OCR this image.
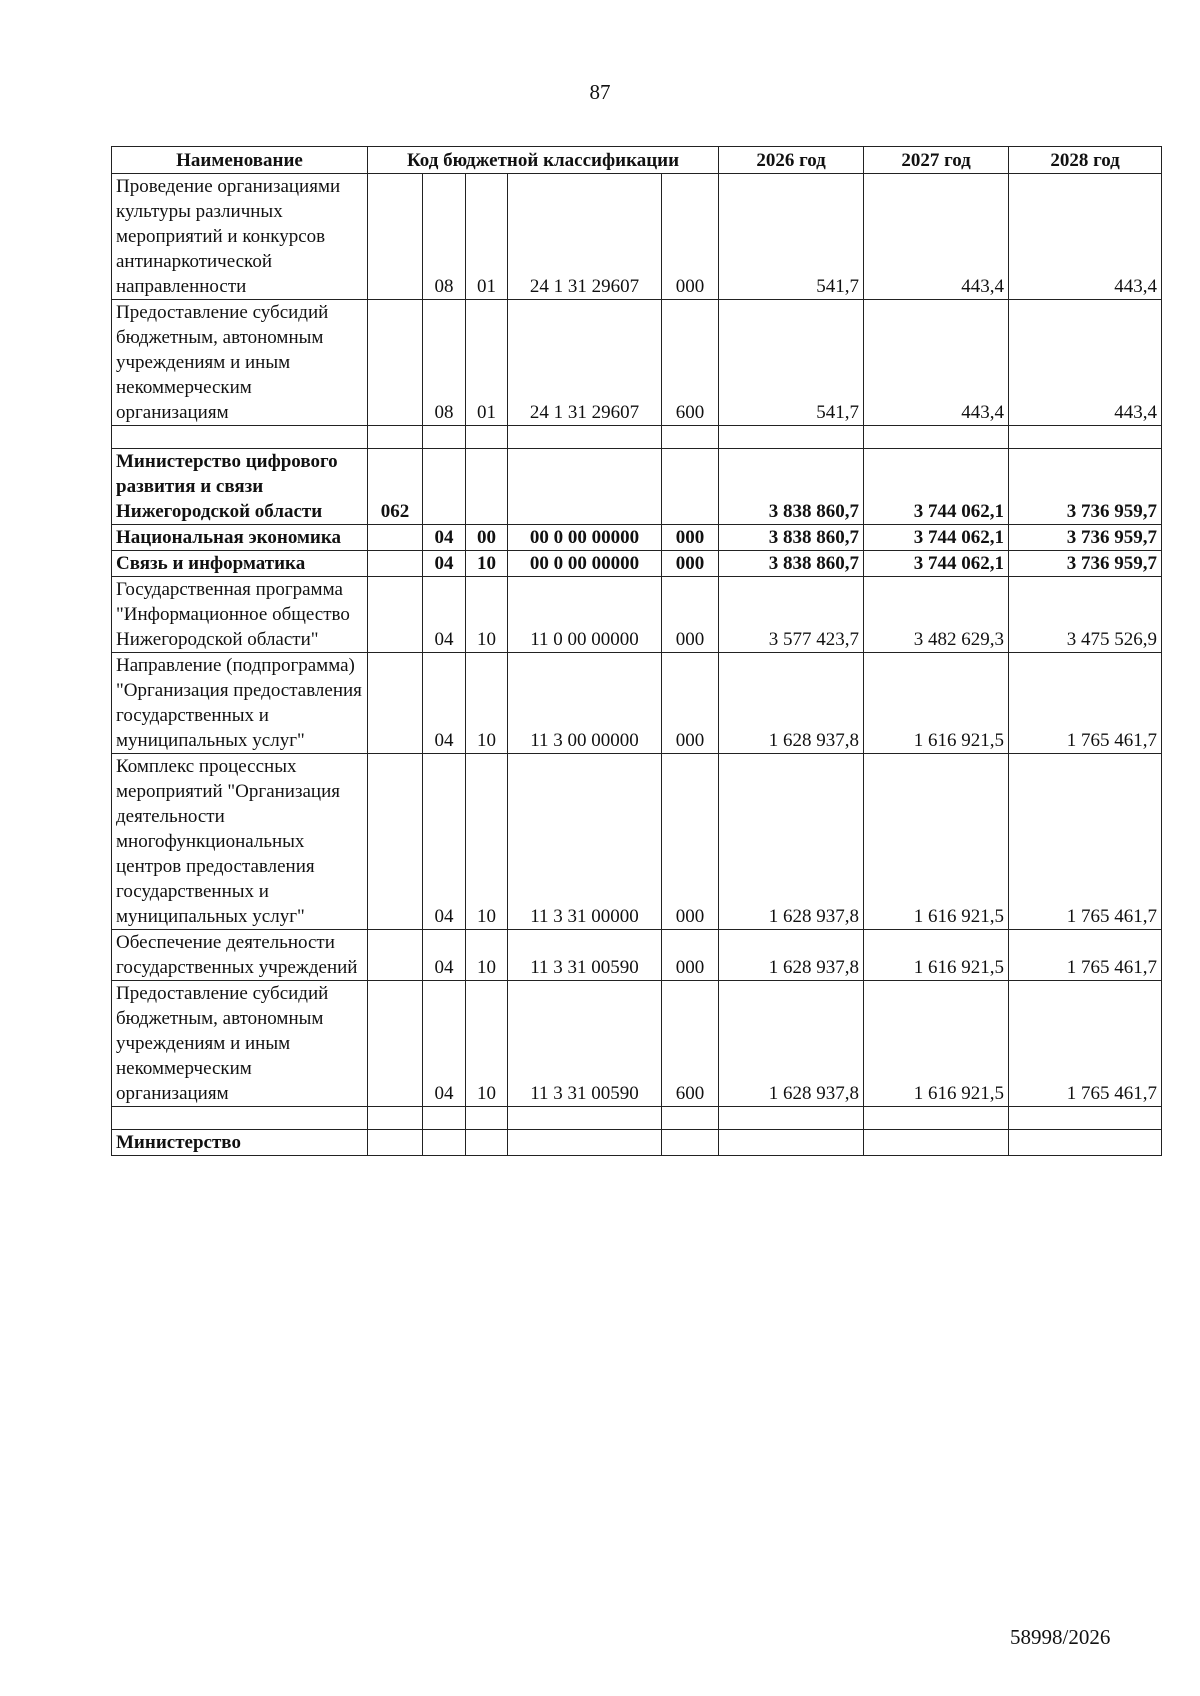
87
Наименование	Код бюджетной классификации					2026 год	2027 год	2028 год
Проведение организациями культуры различных мероприятий и конкурсов антинаркотической направленности		08	01	24 1 31 29607	000	541,7	443,4	443,4
Предоставление субсидий бюджетным, автономным учреждениям и иным некоммерческим организациям		08	01	24 1 31 29607	600	541,7	443,4	443,4

Министерство цифрового развития и связи Нижегородской области	062					3 838 860,7	3 744 062,1	3 736 959,7
Национальная экономика		04	00	00 0 00 00000	000	3 838 860,7	3 744 062,1	3 736 959,7
Связь и информатика		04	10	00 0 00 00000	000	3 838 860,7	3 744 062,1	3 736 959,7
Государственная программа "Информационное общество Нижегородской области"		04	10	11 0 00 00000	000	3 577 423,7	3 482 629,3	3 475 526,9
Направление (подпрограмма) "Организация предоставления государственных и муниципальных услуг"		04	10	11 3 00 00000	000	1 628 937,8	1 616 921,5	1 765 461,7
Комплекс процессных мероприятий "Организация деятельности многофункциональных центров предоставления государственных и муниципальных услуг"		04	10	11 3 31 00000	000	1 628 937,8	1 616 921,5	1 765 461,7
Обеспечение деятельности государственных учреждений		04	10	11 3 31 00590	000	1 628 937,8	1 616 921,5	1 765 461,7
Предоставление субсидий бюджетным, автономным учреждениям и иным некоммерческим организациям		04	10	11 3 31 00590	600	1 628 937,8	1 616 921,5	1 765 461,7

Министерство								
58998/2026
